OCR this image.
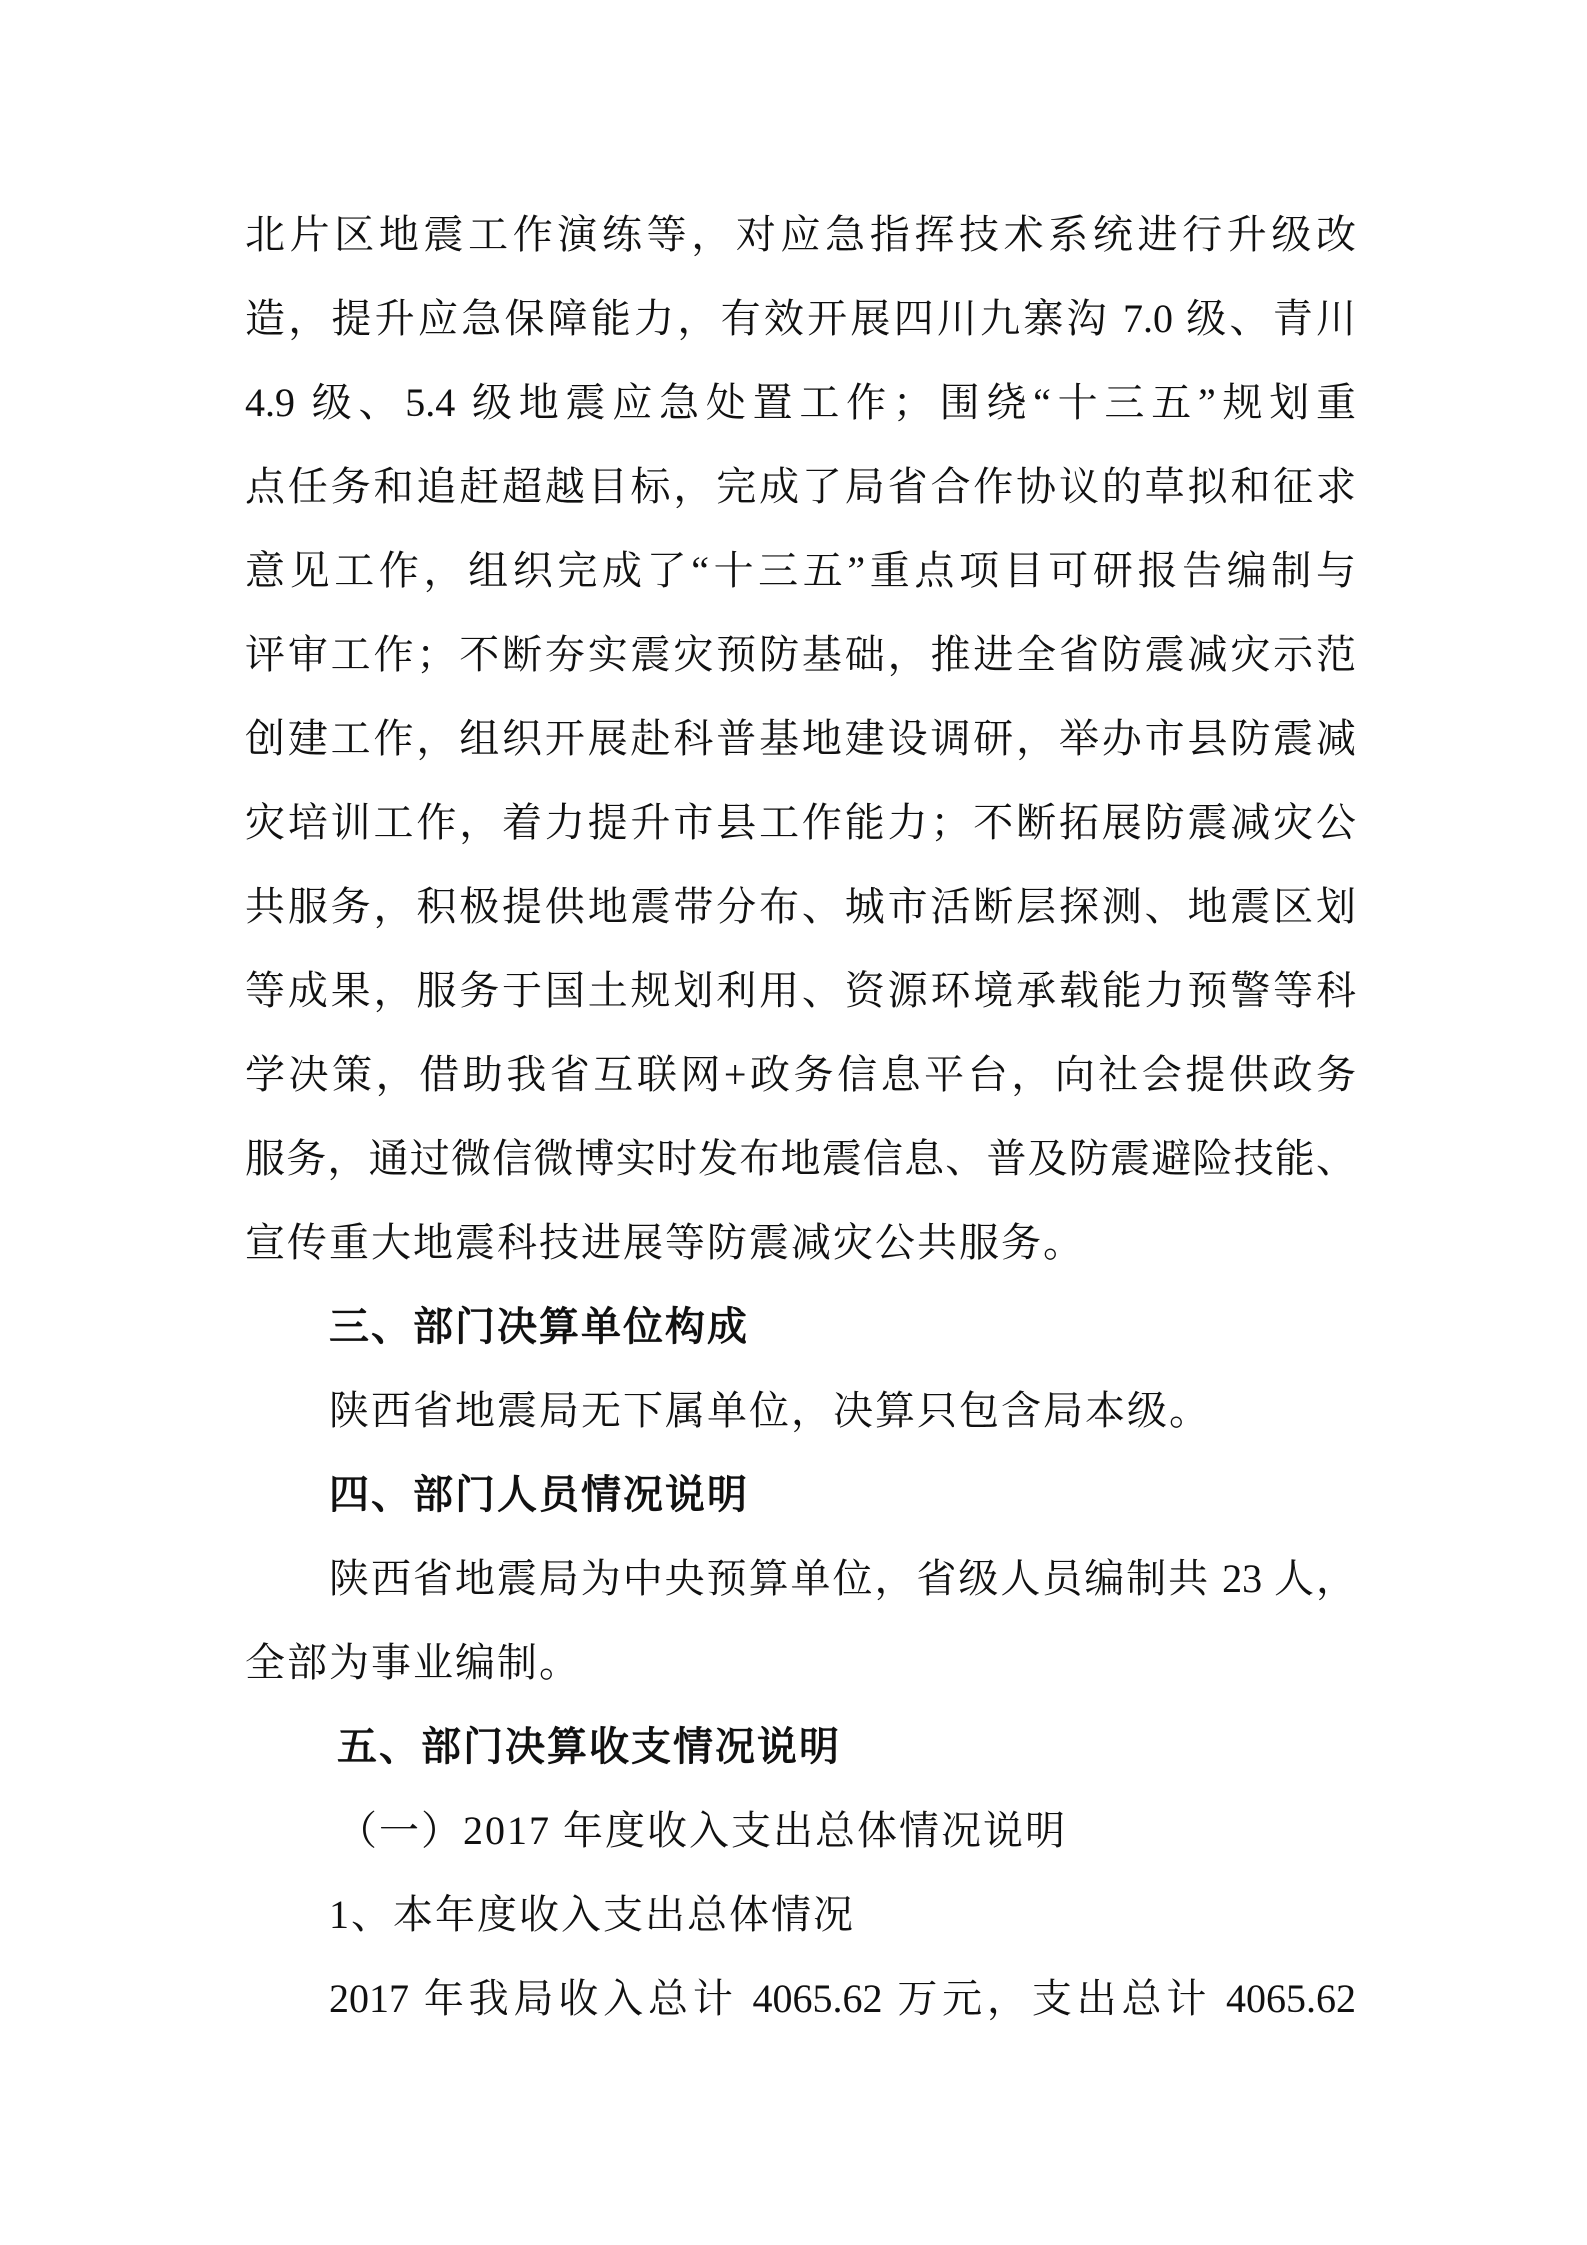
北片区地震工作演练等，对应急指挥技术系统进行升级改
造，提升应急保障能力，有效开展四川九寨沟 7.0 级、青川
4.9 级、5.4 级地震应急处置工作；围绕“十三五”规划重
点任务和追赶超越目标，完成了局省合作协议的草拟和征求
意见工作，组织完成了“十三五”重点项目可研报告编制与
评审工作；不断夯实震灾预防基础，推进全省防震减灾示范
创建工作，组织开展赴科普基地建设调研，举办市县防震减
灾培训工作，着力提升市县工作能力；不断拓展防震减灾公
共服务，积极提供地震带分布、城市活断层探测、地震区划
等成果，服务于国土规划利用、资源环境承载能力预警等科
学决策，借助我省互联网+政务信息平台，向社会提供政务
服务，通过微信微博实时发布地震信息、普及防震避险技能、
宣传重大地震科技进展等防震减灾公共服务。
三、部门决算单位构成
陕西省地震局无下属单位，决算只包含局本级。
四、部门人员情况说明
陕西省地震局为中央预算单位，省级人员编制共 23 人，
全部为事业编制。
五、部门决算收支情况说明
（一）2017 年度收入支出总体情况说明
1、本年度收入支出总体情况
2017 年我局收入总计 4065.62 万元，支出总计 4065.62
